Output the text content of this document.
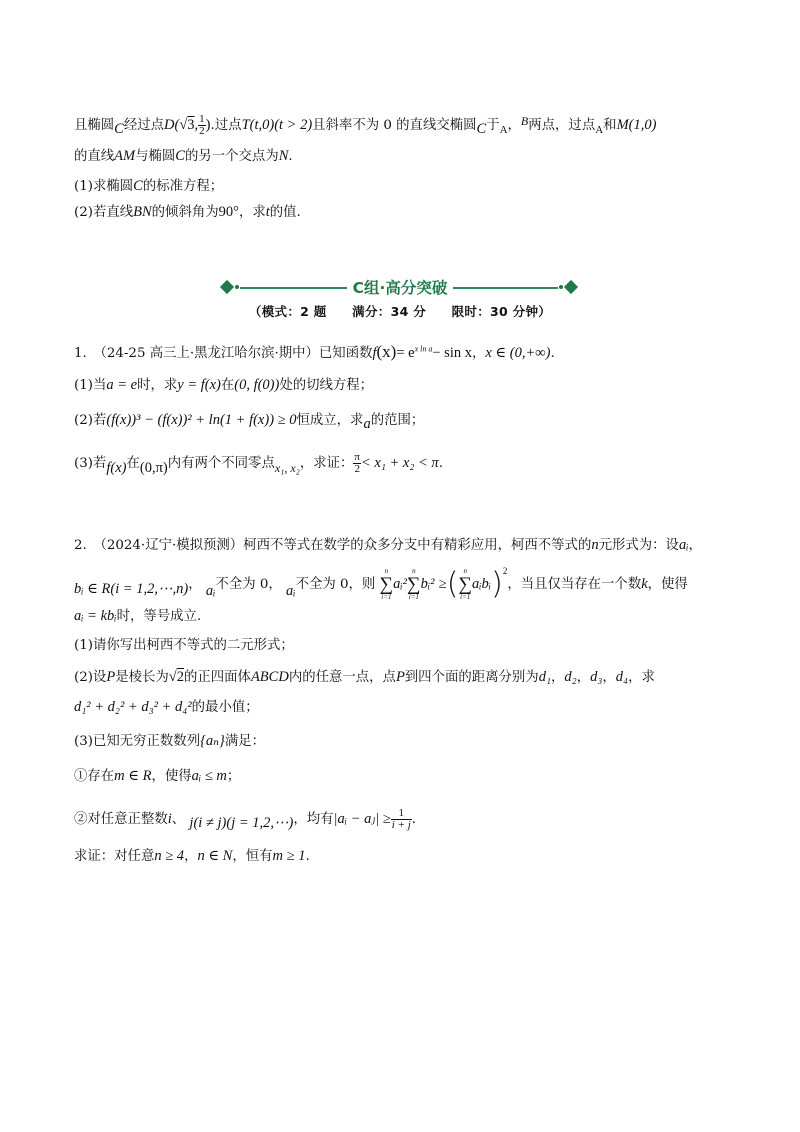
且椭圆C经过点D(√3, $\frac{1}{2}$ ).过点T(t,0)(t > 2)且斜率不为 0 的直线交椭圆C于$_A$，B两点，过点$_A$和M(1,0)
的直线AM与椭圆C的另一个交点为N.
(1)求椭圆C的标准方程；
(2)若直线BN的倾斜角为90°，求t的值.
C组·高分突破
（模式：2 题　　满分：34 分　　限时：30 分钟）
1.　（24-25 高三上·黑龙江哈尔滨·期中）已知函数$f(x)= e^{x ln a}- \sin x$，x ∈ (0,+∞).
(1)当a = e时，求y = f(x)在(0, f(0))处的切线方程；
(2)若(f(x))³ − (f(x))² + ln(1 + f(x)) ≥ 0恒成立，求a的范围；
(3)若f(x)在(0,π)内有两个不同零点x₁, x₂，求证： $\frac{\pi}{2} < x_1 + x_2 < \pi$.
2.　（2024·辽宁·模拟预测）柯西不等式在数学的众多分支中有精彩应用，柯西不等式的n元形式为：设aᵢ，
bᵢ ∈ R(i = 1,2,⋯,n)， aᵢ不全为 0， aᵢ不全为 0，则
n
∑
i=1
aᵢ²
n
∑
i=1
bᵢ² ≥( n
∑
i=1
aᵢbᵢ)$^2$，当且仅当存在一个数k，使得
aᵢ = kbᵢ时，等号成立.
(1)请你写出柯西不等式的二元形式；
(2)设P是棱长为√2的正四面体ABCD内的任意一点，点P到四个面的距离分别为d₁，d₂，d₃，d₄，求
d₁² + d₂² + d₃² + d₄²的最小值；
(3)已知无穷正数数列{aₙ}满足：
①存在m ∈ R，使得aᵢ ≤ m；
②对任意正整数i、 j(i ≠ j)(j = 1,2,⋯)，均有|aᵢ − aⱼ| ≥ $\frac{1}{i + j}$ .
求证：对任意n ≥ 4，n ∈ N，恒有m ≥ 1.
